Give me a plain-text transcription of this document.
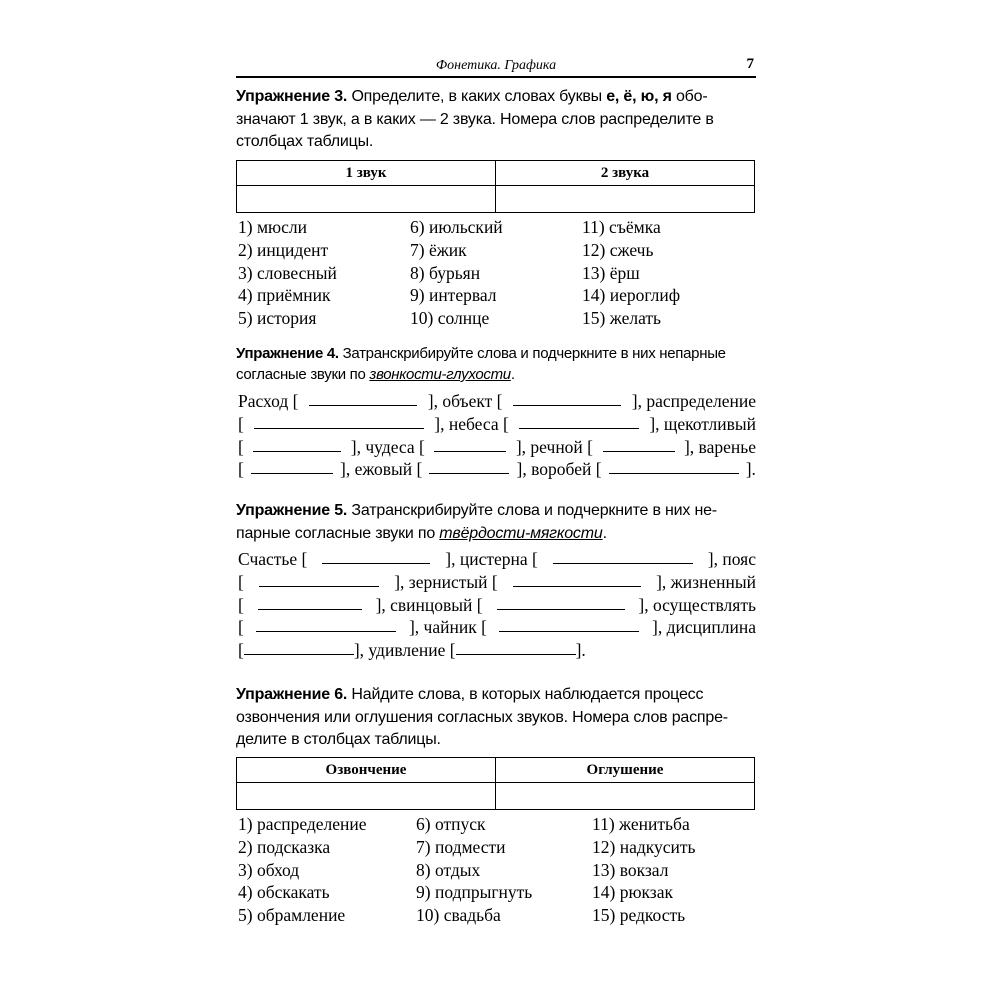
Фонетика. Графика	7
Упражнение 3. Определите, в каких словах буквы е, ё, ю, я обо-
значают 1 звук, а в каких — 2 звука. Номера слов распределите в
столбцах таблицы.
1 звук	2 звука

1) мюсли
2) инцидент
3) словесный
4) приёмник
5) история
6) июльский
7) ёжик
8) бурьян
9) интервал
10) солнце
11) съёмка
12) сжечь
13) ёрш
14) иероглиф
15) желать
Упражнение 4. Затранскрибируйте слова и подчеркните в них непарные
согласные звуки по звонкости-глухости.
Расход [	], объект [	], распределение
[	], небеса [	], щекотливый
[	], чудеса [	], речной [	], варенье
[	], ежовый [	], воробей [	].
Упражнение 5. Затранскрибируйте слова и подчеркните в них не-
парные согласные звуки по твёрдости-мягкости.
Счастье [	], цистерна [	], пояс
[	], зернистый [	], жизненный
[	], свинцовый [	], осуществлять
[	], чайник [	], дисциплина
[	], удивление [	].
Упражнение 6. Найдите слова, в которых наблюдается процесс
озвончения или оглушения согласных звуков. Номера слов распре-
делите в столбцах таблицы.
Озвончение	Оглушение

1) распределение
2) подсказка
3) обход
4) обскакать
5) обрамление
6) отпуск
7) подмести
8) отдых
9) подпрыгнуть
10) свадьба
11) женитьба
12) надкусить
13) вокзал
14) рюкзак
15) редкость
